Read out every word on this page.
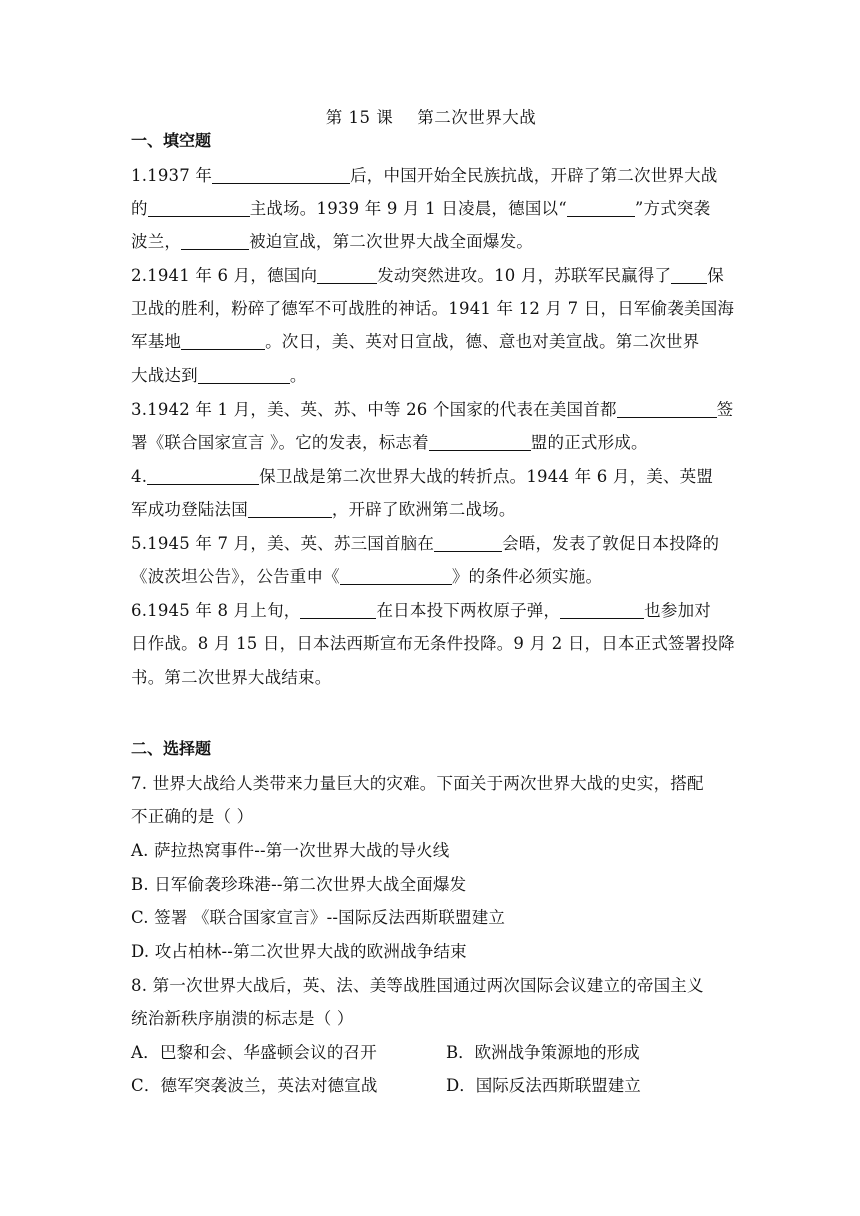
第 15 课 第二次世界大战
一、填空题
1.1937 年	后，中国开始全民族抗战，开辟了第二次世界大战
的	主战场。1939 年 9 月 1 日凌晨，德国以“	”方式突袭
波兰，	被迫宣战，第二次世界大战全面爆发。
2.1941 年 6 月，德国向	发动突然进攻。10 月，苏联军民赢得了 保
卫战的胜利，粉碎了德军不可战胜的神话。1941 年 12 月 7 日，日军偷袭美国海
军基地	。次日，美、英对日宣战，德、意也对美宣战。第二次世界
大战达到	。
3.1942 年 1 月，美、英、苏、中等 26 个国家的代表在美国首都	签
署《联合国家宣言 》。它的发表，标志着	盟的正式形成。
4.	保卫战是第二次世界大战的转折点。1944 年 6 月，美、英盟
军成功登陆法国	，开辟了欧洲第二战场。
5.1945 年 7 月，美、英、苏三国首脑在	会晤，发表了敦促日本投降的
《波茨坦公告》，公告重申《	》的条件必须实施。
6.1945 年 8 月上旬，	在日本投下两枚原子弹，	也参加对
日作战。8 月 15 日，日本法西斯宣布无条件投降。9 月 2 日，日本正式签署投降
书。第二次世界大战结束。
二、选择题
7. 世界大战给人类带来力量巨大的灾难。下面关于两次世界大战的史实，搭配
不正确的是（ ）
A. 萨拉热窝事件--第一次世界大战的导火线
B. 日军偷袭珍珠港--第二次世界大战全面爆发
C. 签署 《联合国家宣言》--国际反法西斯联盟建立
D. 攻占柏林--第二次世界大战的欧洲战争结束
8. 第一次世界大战后，英、法、美等战胜国通过两次国际会议建立的帝国主义
统治新秩序崩溃的标志是（ ）
A．巴黎和会、华盛顿会议的召开	B．欧洲战争策源地的形成
C．德军突袭波兰，英法对德宣战	D．国际反法西斯联盟建立
